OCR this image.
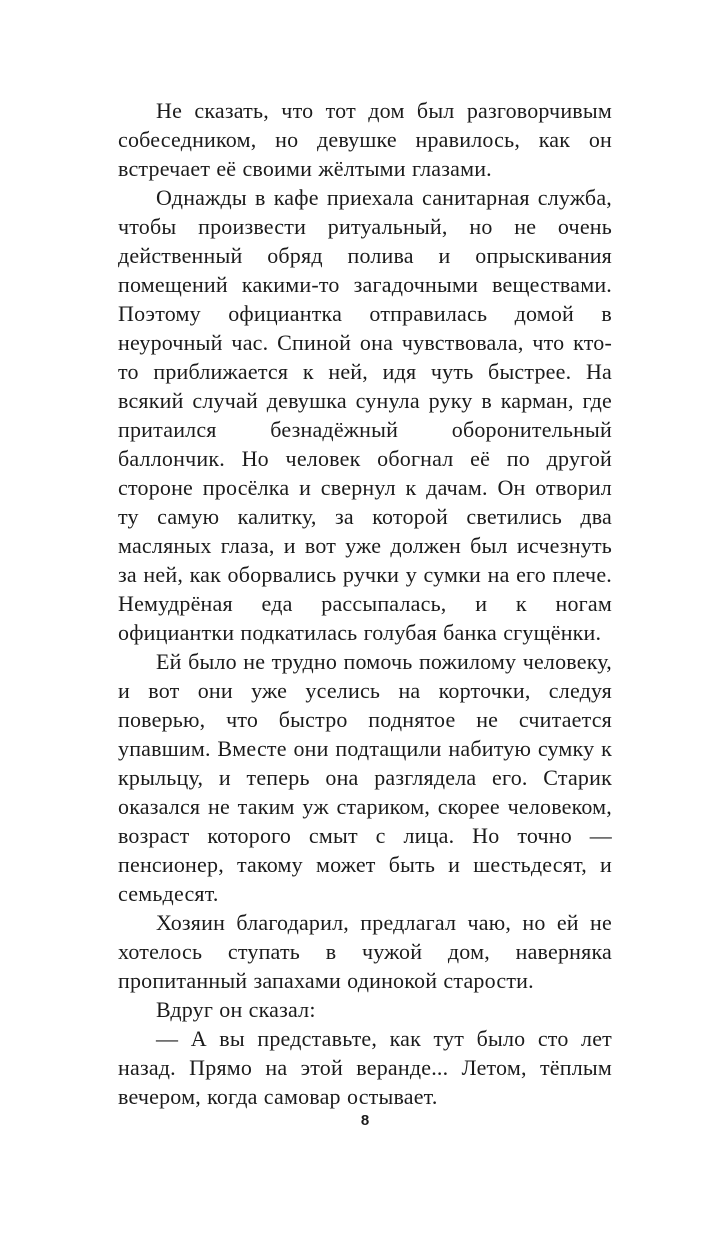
Не сказать, что тот дом был разговорчивым собеседником, но девушке нравилось, как он встречает её своими жёлтыми глазами.

Однажды в кафе приехала санитарная служба, чтобы произвести ритуальный, но не очень действенный обряд полива и опрыскивания помещений какими-то загадочными веществами. Поэтому официантка отправилась домой в неурочный час. Спиной она чувствовала, что кто-то приближается к ней, идя чуть быстрее. На всякий случай девушка сунула руку в карман, где притаился безнадёжный оборонительный баллончик. Но человек обогнал её по другой стороне просёлка и свернул к дачам. Он отворил ту самую калитку, за которой светились два масляных глаза, и вот уже должен был исчезнуть за ней, как оборвались ручки у сумки на его плече. Немудрёная еда рассыпалась, и к ногам официантки подкатилась голубая банка сгущёнки.

Ей было не трудно помочь пожилому человеку, и вот они уже уселись на корточки, следуя поверью, что быстро поднятое не считается упавшим. Вместе они подтащили набитую сумку к крыльцу, и теперь она разглядела его. Старик оказался не таким уж стариком, скорее человеком, возраст которого смыт с лица. Но точно — пенсионер, такому может быть и шестьдесят, и семьдесят.

Хозяин благодарил, предлагал чаю, но ей не хотелось ступать в чужой дом, наверняка пропитанный запахами одинокой старости.

Вдруг он сказал:

— А вы представьте, как тут было сто лет назад. Прямо на этой веранде... Летом, тёплым вечером, когда самовар остывает.

8
